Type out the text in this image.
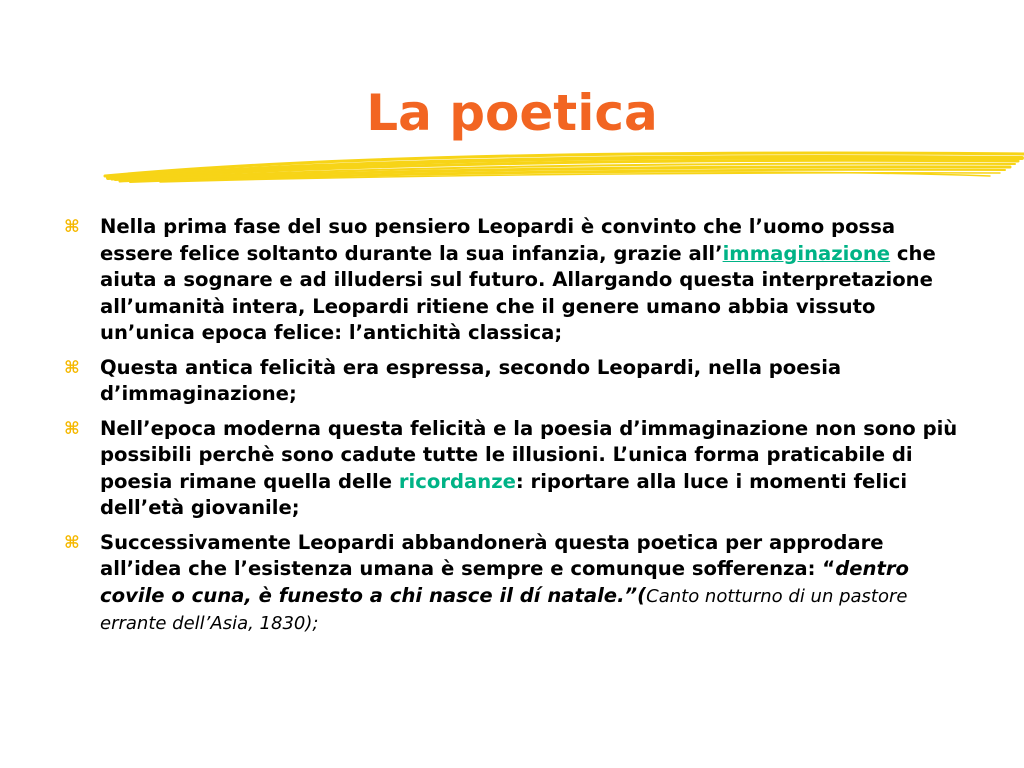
La poetica
⌘ Nella prima fase del suo pensiero Leopardi è convinto che l’uomo possa essere felice soltanto durante la sua infanzia, grazie all’immaginazione che aiuta a sognare e ad illudersi sul futuro. Allargando questa interpretazione all’umanità intera, Leopardi ritiene che il genere umano abbia vissuto un’unica epoca felice: l’antichità classica;
⌘ Questa antica felicità era espressa, secondo Leopardi, nella poesia d’immaginazione;
⌘ Nell’epoca moderna questa felicità e la poesia d’immaginazione non sono più possibili perchè sono cadute tutte le illusioni. L’unica forma praticabile di poesia rimane quella delle ricordanze: riportare alla luce i momenti felici dell’età giovanile;
⌘ Successivamente Leopardi abbandonerà questa poetica per approdare all’idea che l’esistenza umana è sempre e comunque sofferenza: “dentro covile o cuna, è funesto a chi nasce il dí natale.”(Canto notturno di un pastore errante dell’Asia, 1830);
